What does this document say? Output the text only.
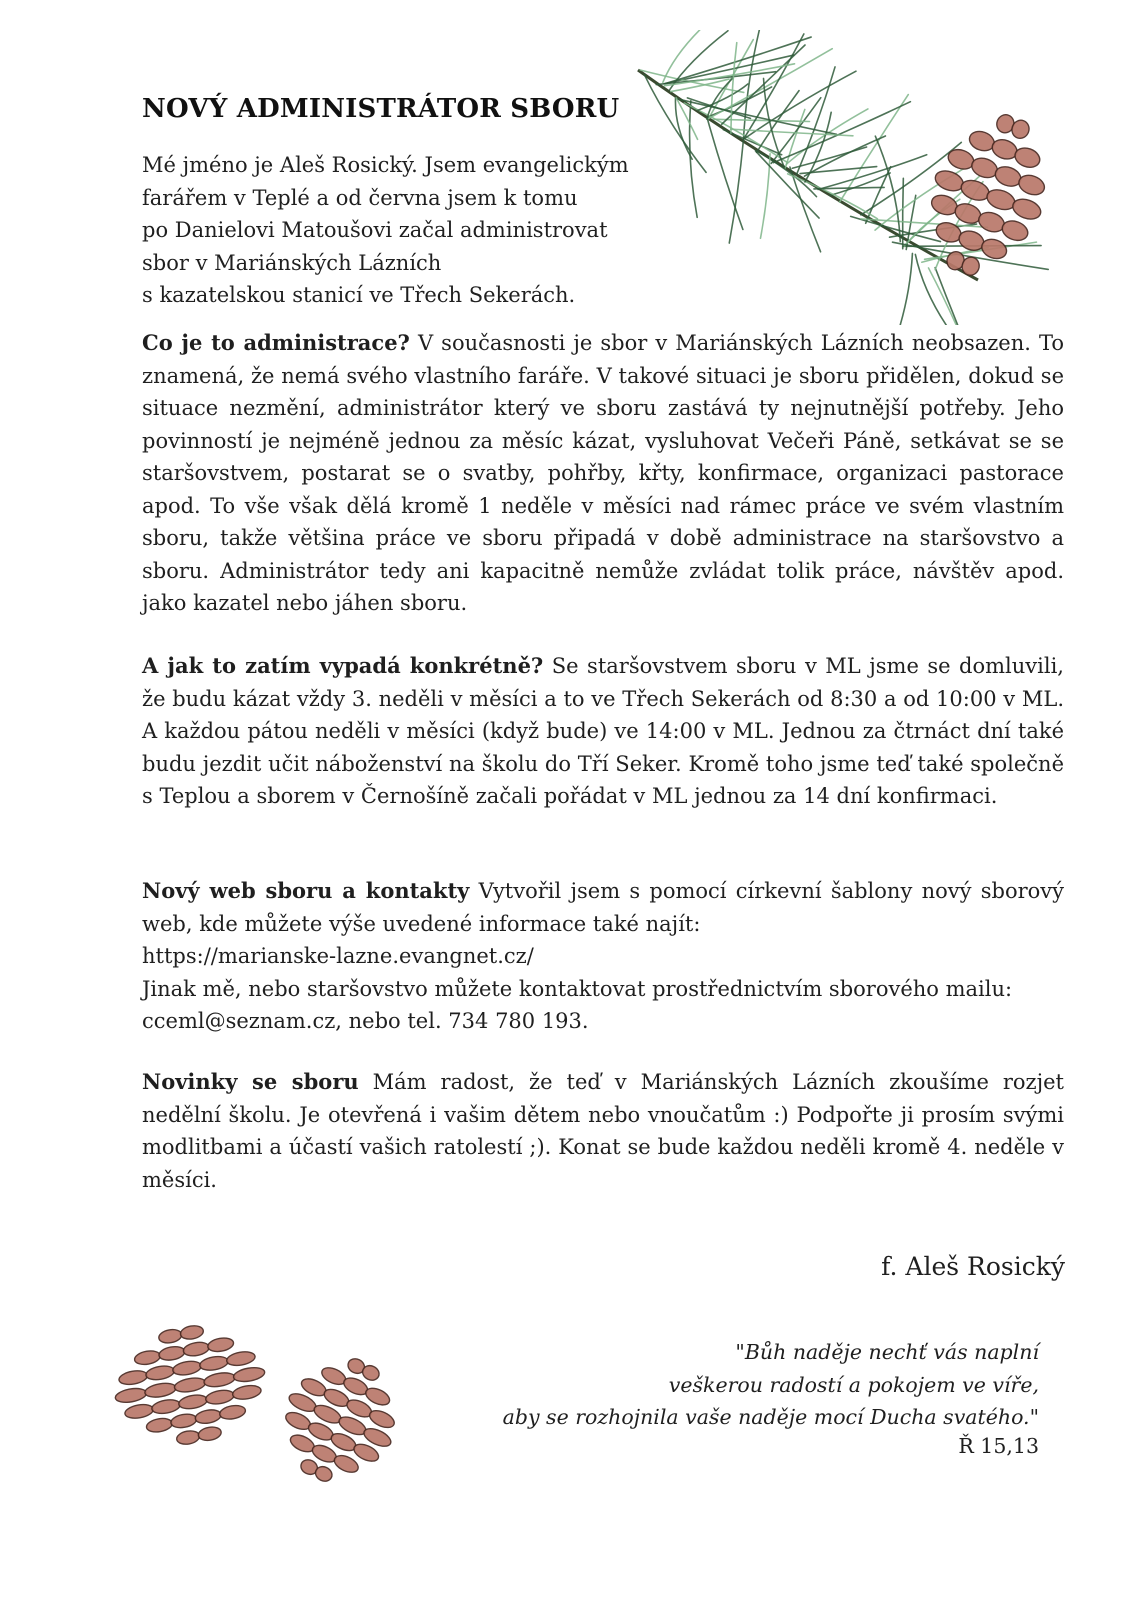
NOVÝ ADMINISTRÁTOR SBORU
Mé jméno je Aleš Rosický. Jsem evangelickým
farářem v Teplé a od června jsem k tomu
po Danielovi Matoušovi začal administrovat
sbor v Mariánských Lázních
s kazatelskou stanicí ve Třech Sekerách.

Co je to administrace? V současnosti je sbor v Mariánských Lázních neobsazen. To znamená, že nemá svého vlastního faráře. V takové situaci je sboru přidělen, dokud se situace nezmění, administrátor který ve sboru zastává ty nejnutnější potřeby. Jeho povinností je nejméně jednou za měsíc kázat, vysluhovat Večeři Páně, setkávat se se staršovstvem, postarat se o svatby, pohřby, křty, konfirmace, organizaci pastorace apod. To vše však dělá kromě 1 neděle v měsíci nad rámec práce ve svém vlastním sboru, takže většina práce ve sboru připadá v době administrace na staršovstvo a sboru. Administrátor tedy ani kapacitně nemůže zvládat tolik práce, návštěv apod. jako kazatel nebo jáhen sboru.

A jak to zatím vypadá konkrétně? Se staršovstvem sboru v ML jsme se domluvili, že budu kázat vždy 3. neděli v měsíci a to ve Třech Sekerách od 8:30 a od 10:00 v ML. A každou pátou neděli v měsíci (když bude) ve 14:00 v ML. Jednou za čtrnáct dní také budu jezdit učit náboženství na školu do Tří Seker. Kromě toho jsme teď také společně s Teplou a sborem v Černošíně začali pořádat v ML jednou za 14 dní konfirmaci.

Nový web sboru a kontakty Vytvořil jsem s pomocí církevní šablony nový sborový web, kde můžete výše uvedené informace také najít:
https://marianske-lazne.evangnet.cz/
Jinak mě, nebo staršovstvo můžete kontaktovat prostřednictvím sborového mailu:
cceml@seznam.cz, nebo tel. 734 780 193.

Novinky se sboru Mám radost, že teď v Mariánských Lázních zkoušíme rozjet nedělní školu. Je otevřená i vašim dětem nebo vnoučatům :) Podpořte ji prosím svými modlitbami a účastí vašich ratolestí ;). Konat se bude každou neděli kromě 4. neděle v měsíci.

f. Aleš Rosický
"Bůh naděje nechť vás naplní
veškerou radostí a pokojem ve víře,
aby se rozhojnila vaše naděje mocí Ducha svatého."
Ř 15,13
